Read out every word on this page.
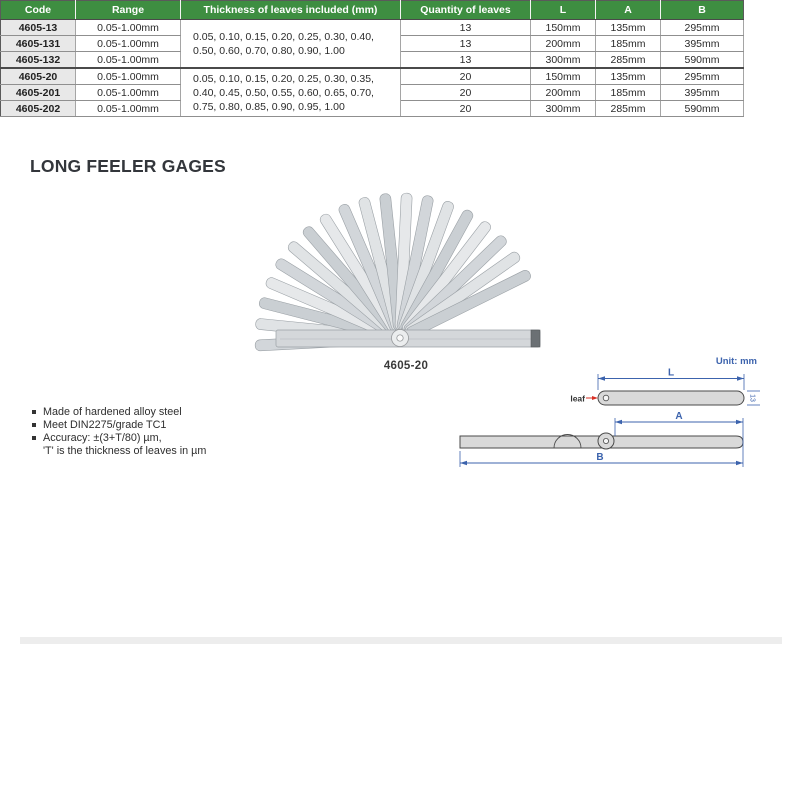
LONG FEELER GAGES
Unit: mm
L
leaf	13
A
B
4605-20
Made of hardened alloy steel
Meet DIN2275/grade TC1
Accuracy: ±(3+T/80) µm,
'T' is the thickness of leaves in µm
Code	Range	Thickness of leaves included (mm)	Quantity of leaves	L	A	B
4605-13	0.05-1.00mm	0.05, 0.10, 0.15, 0.20, 0.25, 0.30, 0.40, 0.50, 0.60, 0.70, 0.80, 0.90, 1.00	13	150mm	135mm	295mm
4605-131	0.05-1.00mm		13	200mm	185mm	395mm
4605-132	0.05-1.00mm		13	300mm	285mm	590mm
4605-20	0.05-1.00mm	0.05, 0.10, 0.15, 0.20, 0.25, 0.30, 0.35, 0.40, 0.45, 0.50, 0.55, 0.60, 0.65, 0.70, 0.75, 0.80, 0.85, 0.90, 0.95, 1.00	20	150mm	135mm	295mm
4605-201	0.05-1.00mm		20	200mm	185mm	395mm
4605-202	0.05-1.00mm		20	300mm	285mm	590mm
